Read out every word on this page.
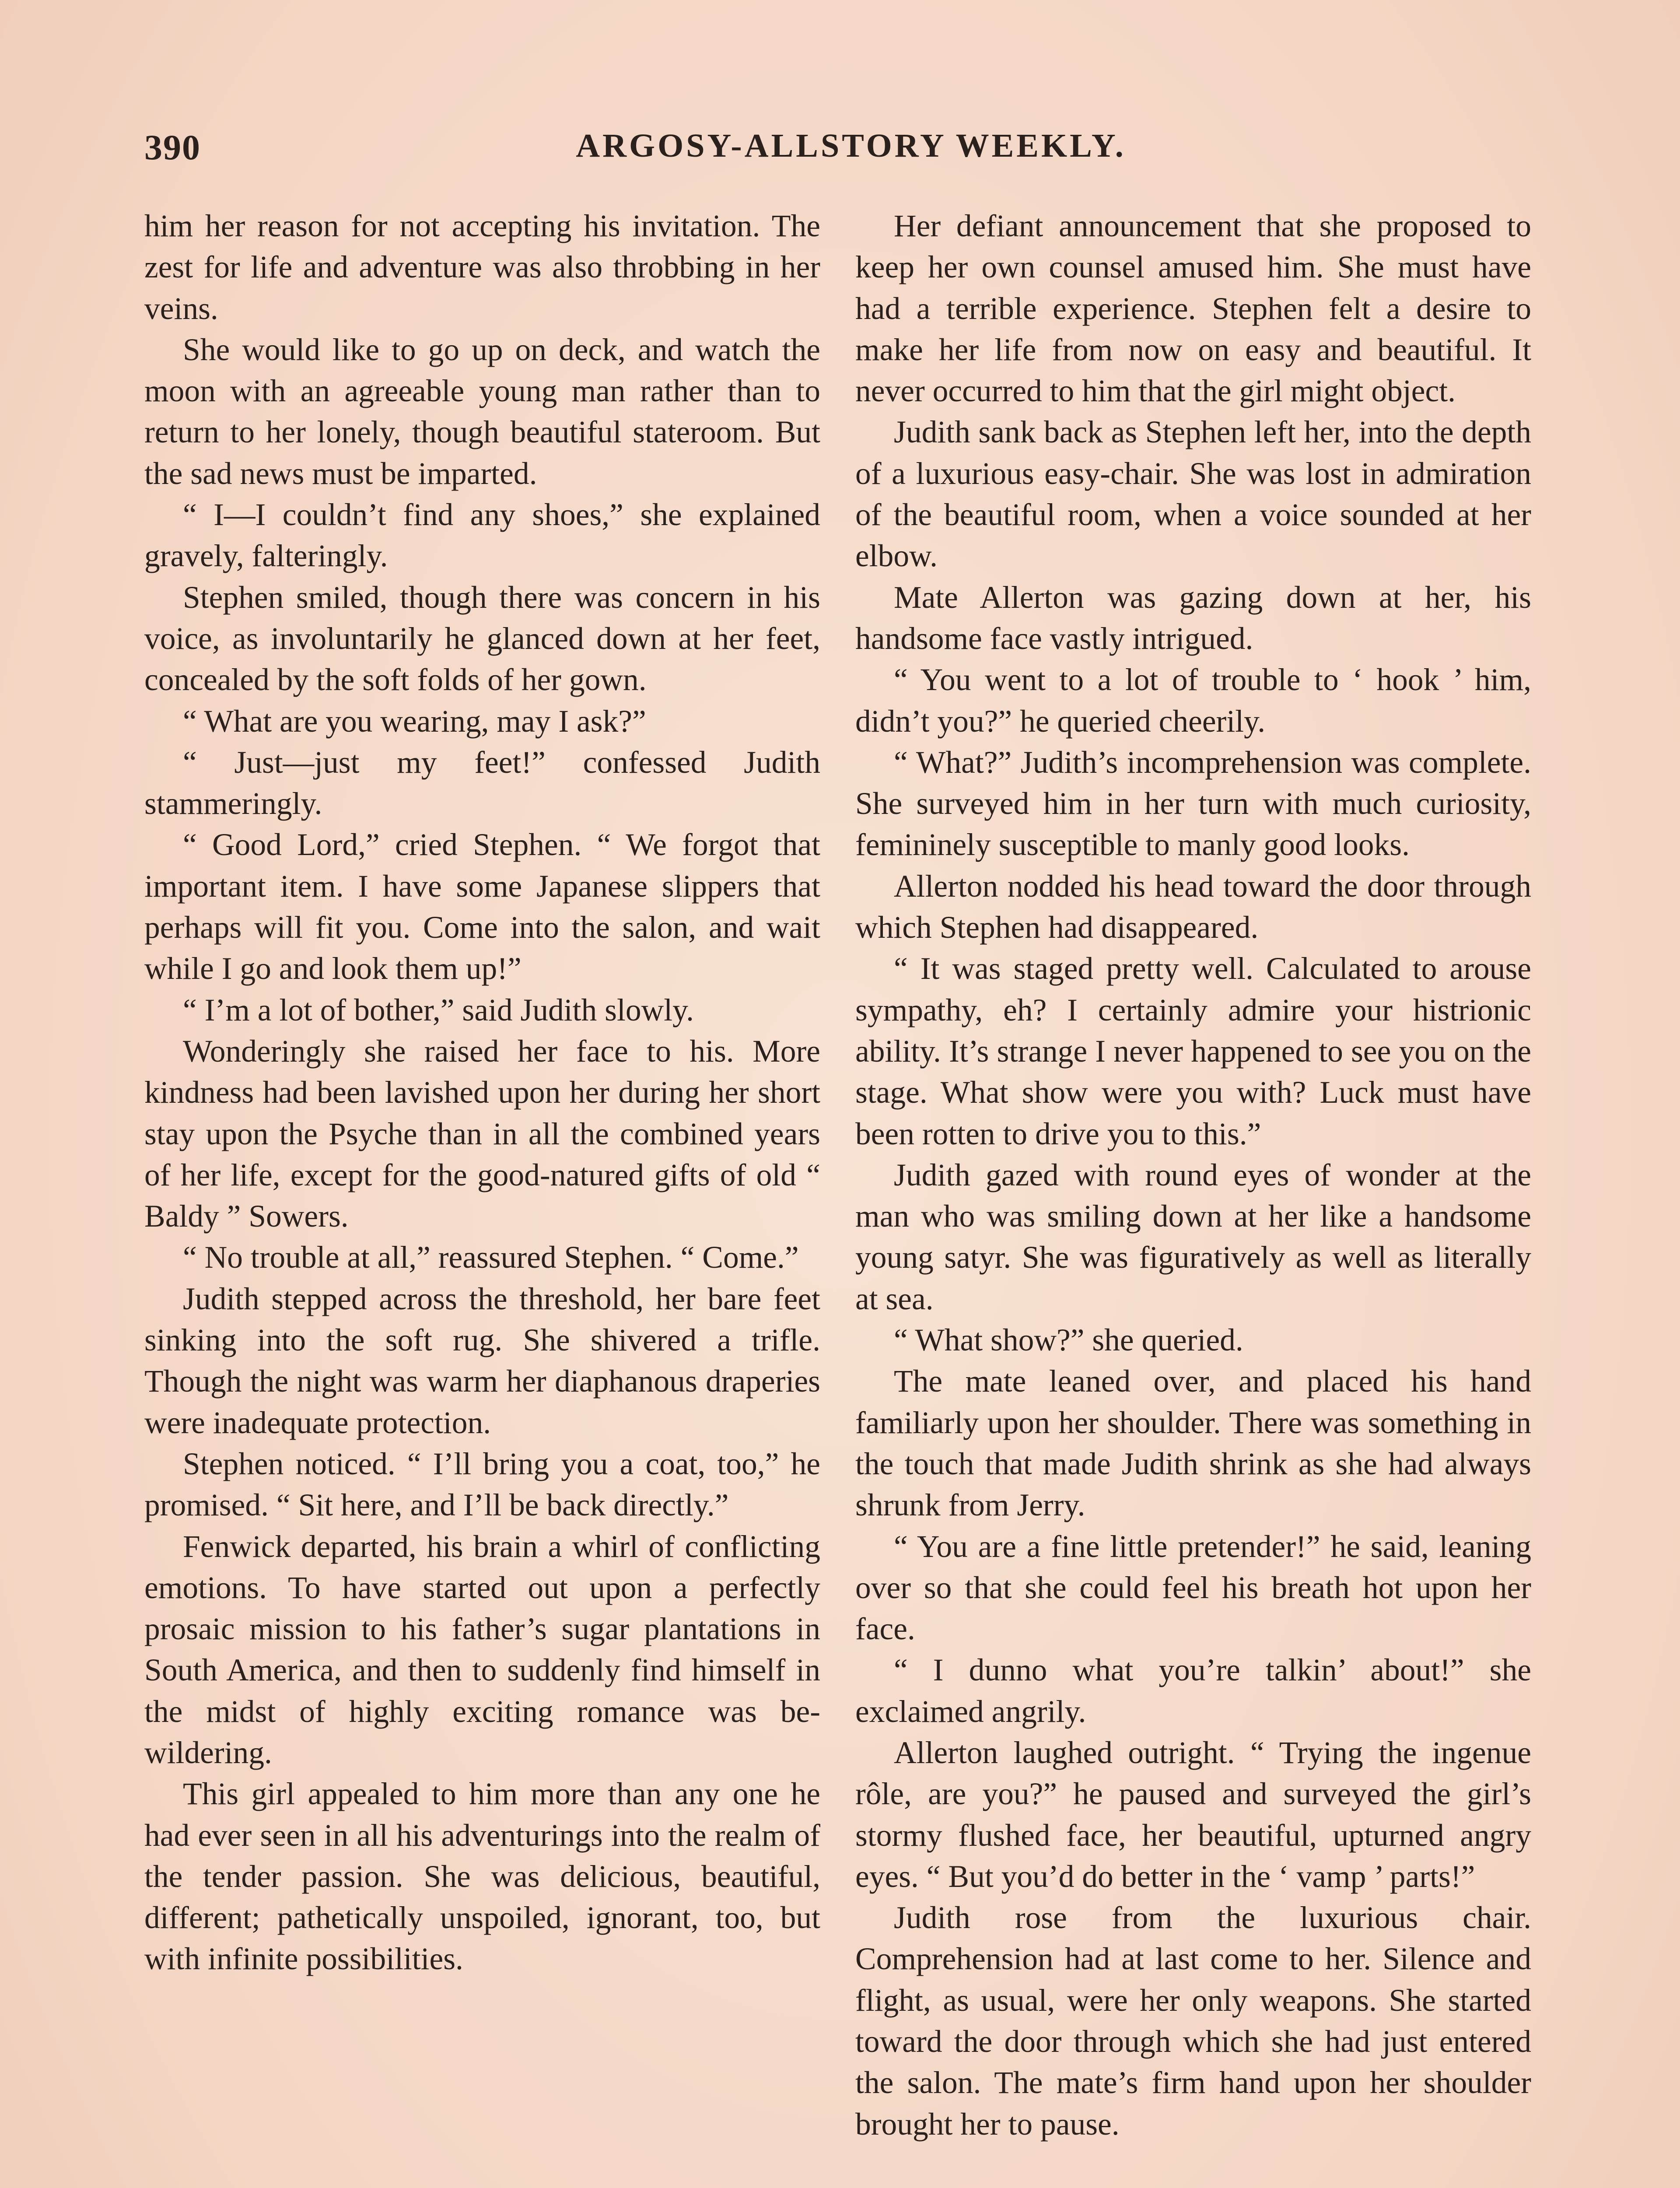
390	ARGOSY-ALLSTORY WEEKLY.

him her reason for not accepting his invitation. The zest for life and adventure was also throbbing in her veins.

She would like to go up on deck, and watch the moon with an agreeable young man rather than to return to her lonely, though beautiful stateroom. But the sad news must be imparted.

“ I—I couldn’t find any shoes,” she explained gravely, falteringly.

Stephen smiled, though there was concern in his voice, as involuntarily he glanced down at her feet, concealed by the soft folds of her gown.

“ What are you wearing, may I ask?”

“ Just—just my feet!” confessed Judith stammeringly.

“ Good Lord,” cried Stephen. “ We forgot that important item. I have some Japanese slippers that perhaps will fit you. Come into the salon, and wait while I go and look them up!”

“ I’m a lot of bother,” said Judith slowly.

Wonderingly she raised her face to his. More kindness had been lavished upon her during her short stay upon the Psyche than in all the combined years of her life, except for the good-natured gifts of old “ Baldy ” Sowers.

“ No trouble at all,” reassured Stephen. “ Come.”

Judith stepped across the threshold, her bare feet sinking into the soft rug. She shivered a trifle. Though the night was warm her diaphanous draperies were inadequate protection.

Stephen noticed. “ I’ll bring you a coat, too,” he promised. “ Sit here, and I’ll be back directly.”

Fenwick departed, his brain a whirl of conflicting emotions. To have started out upon a perfectly prosaic mission to his father’s sugar plantations in South America, and then to suddenly find himself in the midst of highly exciting romance was bewildering.

This girl appealed to him more than any one he had ever seen in all his adventurings into the realm of the tender passion. She was delicious, beautiful, different; pathetically unspoiled, ignorant, too, but with infinite possibilities.

Her defiant announcement that she proposed to keep her own counsel amused him. She must have had a terrible experience. Stephen felt a desire to make her life from now on easy and beautiful. It never occurred to him that the girl might object.

Judith sank back as Stephen left her, into the depth of a luxurious easy-chair. She was lost in admiration of the beautiful room, when a voice sounded at her elbow.

Mate Allerton was gazing down at her, his handsome face vastly intrigued.

“ You went to a lot of trouble to ‘ hook ’ him, didn’t you?” he queried cheerily.

“ What?” Judith’s incomprehension was complete. She surveyed him in her turn with much curiosity, femininely susceptible to manly good looks.

Allerton nodded his head toward the door through which Stephen had disappeared.

“ It was staged pretty well. Calculated to arouse sympathy, eh? I certainly admire your histrionic ability. It’s strange I never happened to see you on the stage. What show were you with? Luck must have been rotten to drive you to this.”

Judith gazed with round eyes of wonder at the man who was smiling down at her like a handsome young satyr. She was figuratively as well as literally at sea.

“ What show?” she queried.

The mate leaned over, and placed his hand familiarly upon her shoulder. There was something in the touch that made Judith shrink as she had always shrunk from Jerry.

“ You are a fine little pretender!” he said, leaning over so that she could feel his breath hot upon her face.

“ I dunno what you’re talkin’ about!” she exclaimed angrily.

Allerton laughed outright. “ Trying the ingenue rôle, are you?” he paused and surveyed the girl’s stormy flushed face, her beautiful, upturned angry eyes. “ But you’d do better in the ‘ vamp ’ parts!”

Judith rose from the luxurious chair. Comprehension had at last come to her. Silence and flight, as usual, were her only weapons. She started toward the door through which she had just entered the salon. The mate’s firm hand upon her shoulder brought her to pause.
